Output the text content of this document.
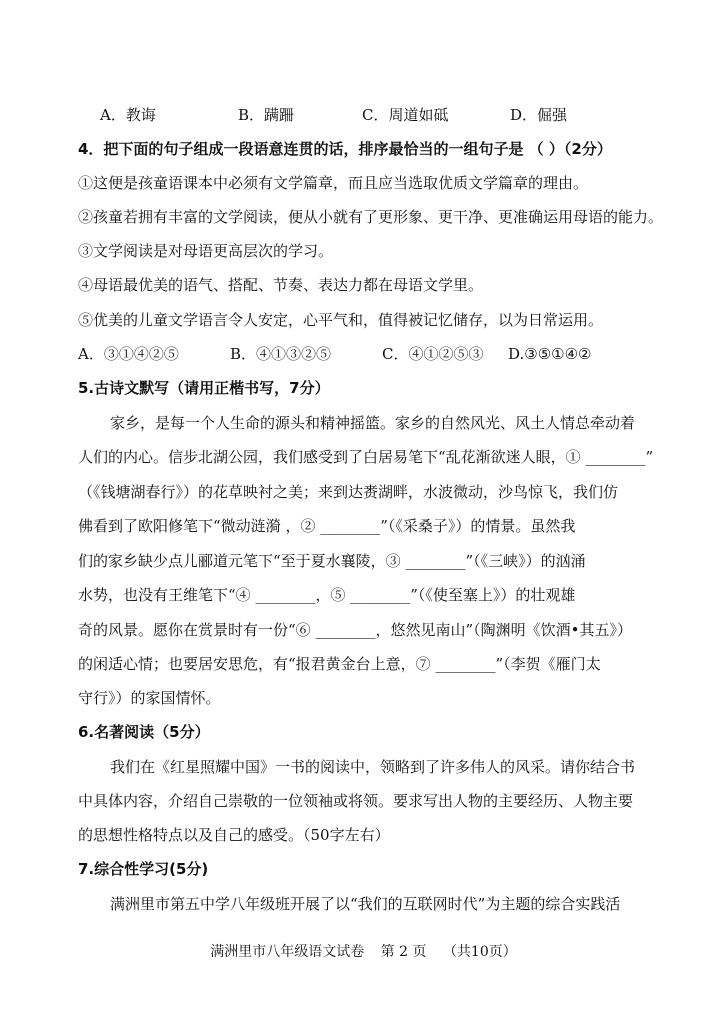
A．教诲	B．蹒跚	C．周道如砥	D．倔强
4．把下面的句子组成一段语意连贯的话，排序最恰当的一组句子是 （ ）（2分）
①这便是孩童语课本中必须有文学篇章，而且应当选取优质文学篇章的理由。
②孩童若拥有丰富的文学阅读，便从小就有了更形象、更干净、更准确运用母语的能力。
③文学阅读是对母语更高层次的学习。
④母语最优美的语气、搭配、节奏、表达力都在母语文学里。
⑤优美的儿童文学语言令人安定，心平气和，值得被记忆储存，以为日常运用。
A．③①④②⑤	B．④①③②⑤	C．④①②⑤③ D.③⑤①④②
5.古诗文默写（请用正楷书写，7分）
家乡，是每一个人生命的源头和精神摇篮。家乡的自然风光、风土人情总牵动着
人们的内心。信步北湖公园，我们感受到了白居易笔下“乱花渐欲迷人眼，① ________”
（《钱塘湖春行》）的花草映衬之美；来到达赉湖畔，水波微动，沙鸟惊飞，我们仿
佛看到了欧阳修笔下“微动涟漪 ，② ________”（《采桑子》）的情景。虽然我
们的家乡缺少点儿郦道元笔下“至于夏水襄陵，③ ________”（《三峡》）的汹涌
水势，也没有王维笔下“④ ________，⑤ ________”（《使至塞上》）的壮观雄
奇的风景。愿你在赏景时有一份“⑥ ________，悠然见南山”（陶渊明《饮酒•其五》）
的闲适心情；也要居安思危，有“报君黄金台上意，⑦ ________”（李贺《雁门太
守行》）的家国情怀。
6.名著阅读（5分）
我们在《红星照耀中国》一书的阅读中，领略到了许多伟人的风采。请你结合书
中具体内容，介绍自己崇敬的一位领袖或将领。要求写出人物的主要经历、人物主要
的思想性格特点以及自己的感受。（50字左右）
7.综合性学习(5分)
满洲里市第五中学八年级班开展了以“我们的互联网时代”为主题的综合实践活
满洲里市八年级语文试卷 第 2 页 （共10页）
